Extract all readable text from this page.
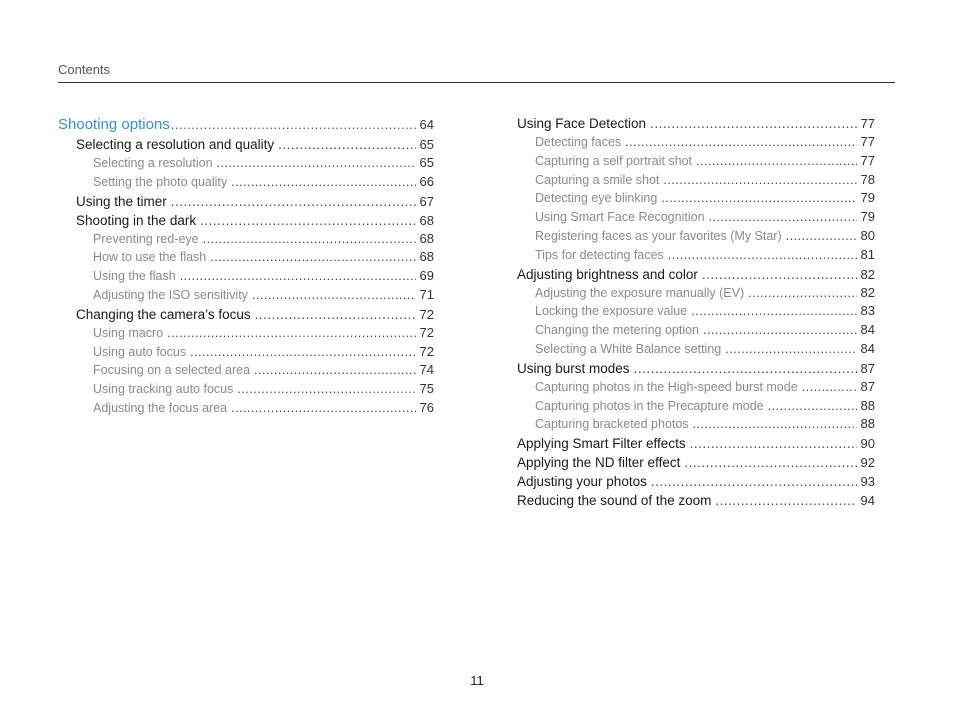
Contents
Shooting options .....	64
Selecting a resolution and quality .....	65
Selecting a resolution .....	65
Setting the photo quality .....	66
Using the timer .....	67
Shooting in the dark .....	68
Preventing red-eye .....	68
How to use the flash .....	68
Using the flash .....	69
Adjusting the ISO sensitivity .....	71
Changing the camera’s focus .....	72
Using macro .....	72
Using auto focus .....	72
Focusing on a selected area .....	74
Using tracking auto focus .....	75
Adjusting the focus area .....	76
Using Face Detection .....	77
Detecting faces .....	77
Capturing a self portrait shot .....	77
Capturing a smile shot .....	78
Detecting eye blinking .....	79
Using Smart Face Recognition .....	79
Registering faces as your favorites (My Star) .....	80
Tips for detecting faces .....	81
Adjusting brightness and color .....	82
Adjusting the exposure manually (EV) .....	82
Locking the exposure value .....	83
Changing the metering option .....	84
Selecting a White Balance setting .....	84
Using burst modes .....	87
Capturing photos in the High-speed burst mode .....	87
Capturing photos in the Precapture mode .....	88
Capturing bracketed photos .....	88
Applying Smart Filter effects .....	90
Applying the ND filter effect .....	92
Adjusting your photos .....	93
Reducing the sound of the zoom .....	94
11
